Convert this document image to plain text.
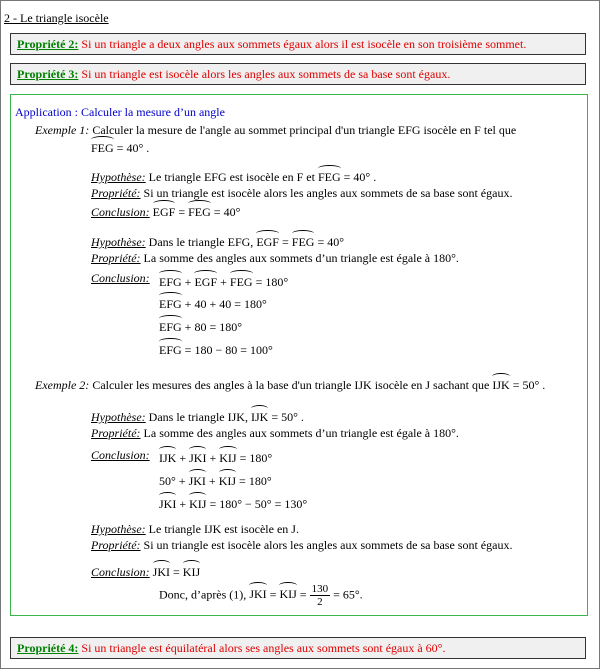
2 - Le triangle isocèle
Propriété 2: Si un triangle a deux angles aux sommets égaux alors il est isocèle en son troisième sommet.
Propriété 3: Si un triangle est isocèle alors les angles aux sommets de sa base sont égaux.
Application : Calculer la mesure d’un angle
Exemple 1: Calculer la mesure de l'angle au sommet principal d'un triangle EFG isocèle en F tel que
FEG = 40° .
Hypothèse: Le triangle EFG est isocèle en F et FEG = 40° .
Propriété: Si un triangle est isocèle alors les angles aux sommets de sa base sont égaux.
Conclusion: EGF = FEG = 40°
Hypothèse: Dans le triangle EFG, EGF = FEG = 40°
Propriété: La somme des angles aux sommets d’un triangle est égale à 180°.
Conclusion: EFG + EGF + FEG = 180°
EFG + 40 + 40 = 180°
EFG + 80 = 180°
EFG = 180 − 80 = 100°
Exemple 2: Calculer les mesures des angles à la base d'un triangle IJK isocèle en J sachant que IJK = 50° .
Hypothèse: Dans le triangle IJK, IJK = 50° .
Propriété: La somme des angles aux sommets d’un triangle est égale à 180°.
Conclusion: IJK + JKI + KIJ = 180°
50° + JKI + KIJ = 180°
JKI + KIJ = 180° − 50° = 130°
Hypothèse: Le triangle IJK est isocèle en J.
Propriété: Si un triangle est isocèle alors les angles aux sommets de sa base sont égaux.
Conclusion: JKI = KIJ
Donc, d’après (1), JKI = KIJ = $\frac{130}{2} = 65^\circ$.
Propriété 4: Si un triangle est équilatéral alors ses angles aux sommets sont égaux à 60°.
